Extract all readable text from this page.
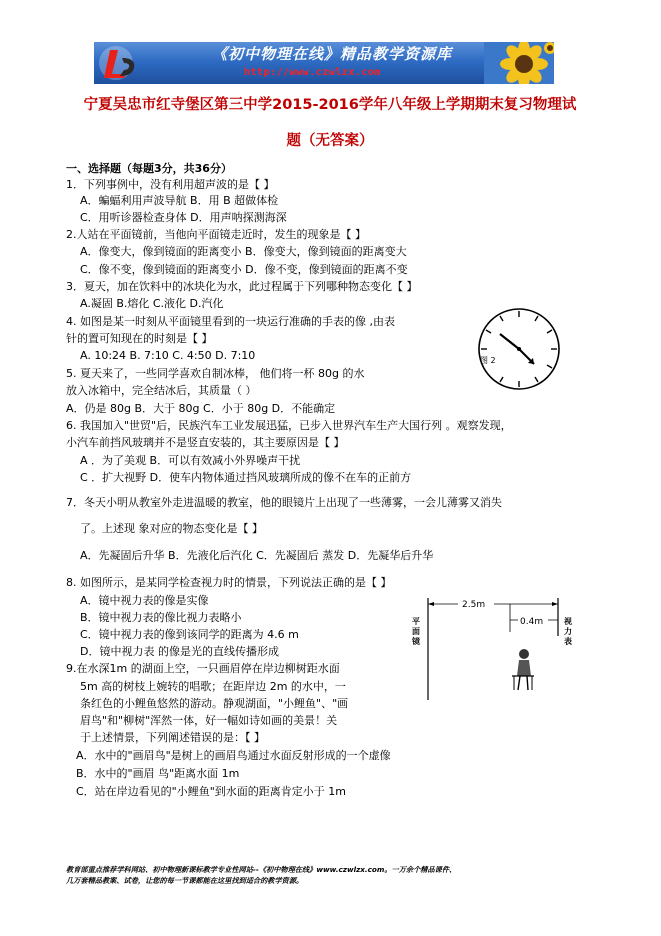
《初中物理在线》精品教学资源库
http://www.czwlzx.com
宁夏吴忠市红寺堡区第三中学2015-2016学年八年级上学期期末复习物理试
题（无答案）
一、选择题（每题3分，共36分）
1．下列事例中，没有利用超声波的是【 】
A．蝙蝠利用声波导航 B．用 B 超做体检
C．用听诊器检查身体 D．用声呐探测海深
2.人站在平面镜前，当他向平面镜走近时，发生的现象是【 】
A．像变大，像到镜面的距离变小 B．像变大，像到镜面的距离变大
C．像不变，像到镜面的距离变小 D．像不变，像到镜面的距离不变
3．夏天，加在饮料中的冰块化为水，此过程属于下列哪种物态变化【 】
A.凝固 B.熔化 C.液化 D.汽化
4. 如图是某一时刻从平面镜里看到的一块运行准确的手表的像 ,由表
针的置可知现在的时刻是【 】
A. 10:24 B. 7:10 C. 4:50 D. 7:10
5. 夏天来了，一些同学喜欢自制冰棒， 他们将一杯 80g 的水
放入冰箱中，完全结冰后，其质量（ ）
A．仍是 80g B．大于 80g C．小于 80g D．不能确定
6. 我国加入"世贸"后，民族汽车工业发展迅猛，已步入世界汽车生产大国行列 。观察发现，
小汽车前挡风玻璃并不是竖直安装的，其主要原因是【 】
A ．为了美观 B．可以有效减小外界噪声干扰
C ．扩大视野 D．使车内物体通过挡风玻璃所成的像不在车的正前方
7．冬天小明从教室外走进温暖的教室，他的眼镜片上出现了一些薄雾，一会儿薄雾又消失
了。上述现 象对应的物态变化是【 】
A．先凝固后升华 B．先液化后汽化 C．先凝固后 蒸发 D．先凝华后升华
8. 如图所示，是某同学检查视力时的情景，下列说法正确的是【 】
A．镜中视力表的像是实像
B．镜中视力表的像比视力表略小
C．镜中视力表的像到该同学的距离为 4.6 m
D．镜中视力表 的像是光的直线传播形成
9.在水深1m 的湖面上空，一只画眉停在岸边柳树距水面
5m 高的树枝上婉转的唱歌；在距岸边 2m 的水中，一
条红色的小鲤鱼悠然的游动。静观湖面，"小鲤鱼"、"画
眉鸟"和"柳树"浑然一体，好一幅如诗如画的美景！关
于上述情景，下列阐述错误的是：【 】
A．水中的"画眉鸟"是树上的画眉鸟通过水面反射形成的一个虚像
B．水中的"画眉 鸟"距离水面 1m
C．站在岸边看见的"小鲤鱼"到水面的距离肯定小于 1m
图 2
2.5m
0.4m
平 面 镜
视 力 表
教育部重点推荐学科网站、初中物理新课标教学专业性网站--《初中物理在线》www.czwlzx.com。一万余个精品课件、
几万套精品教案、试卷，让您的每一节课都能在这里找到适合的教学资源。
